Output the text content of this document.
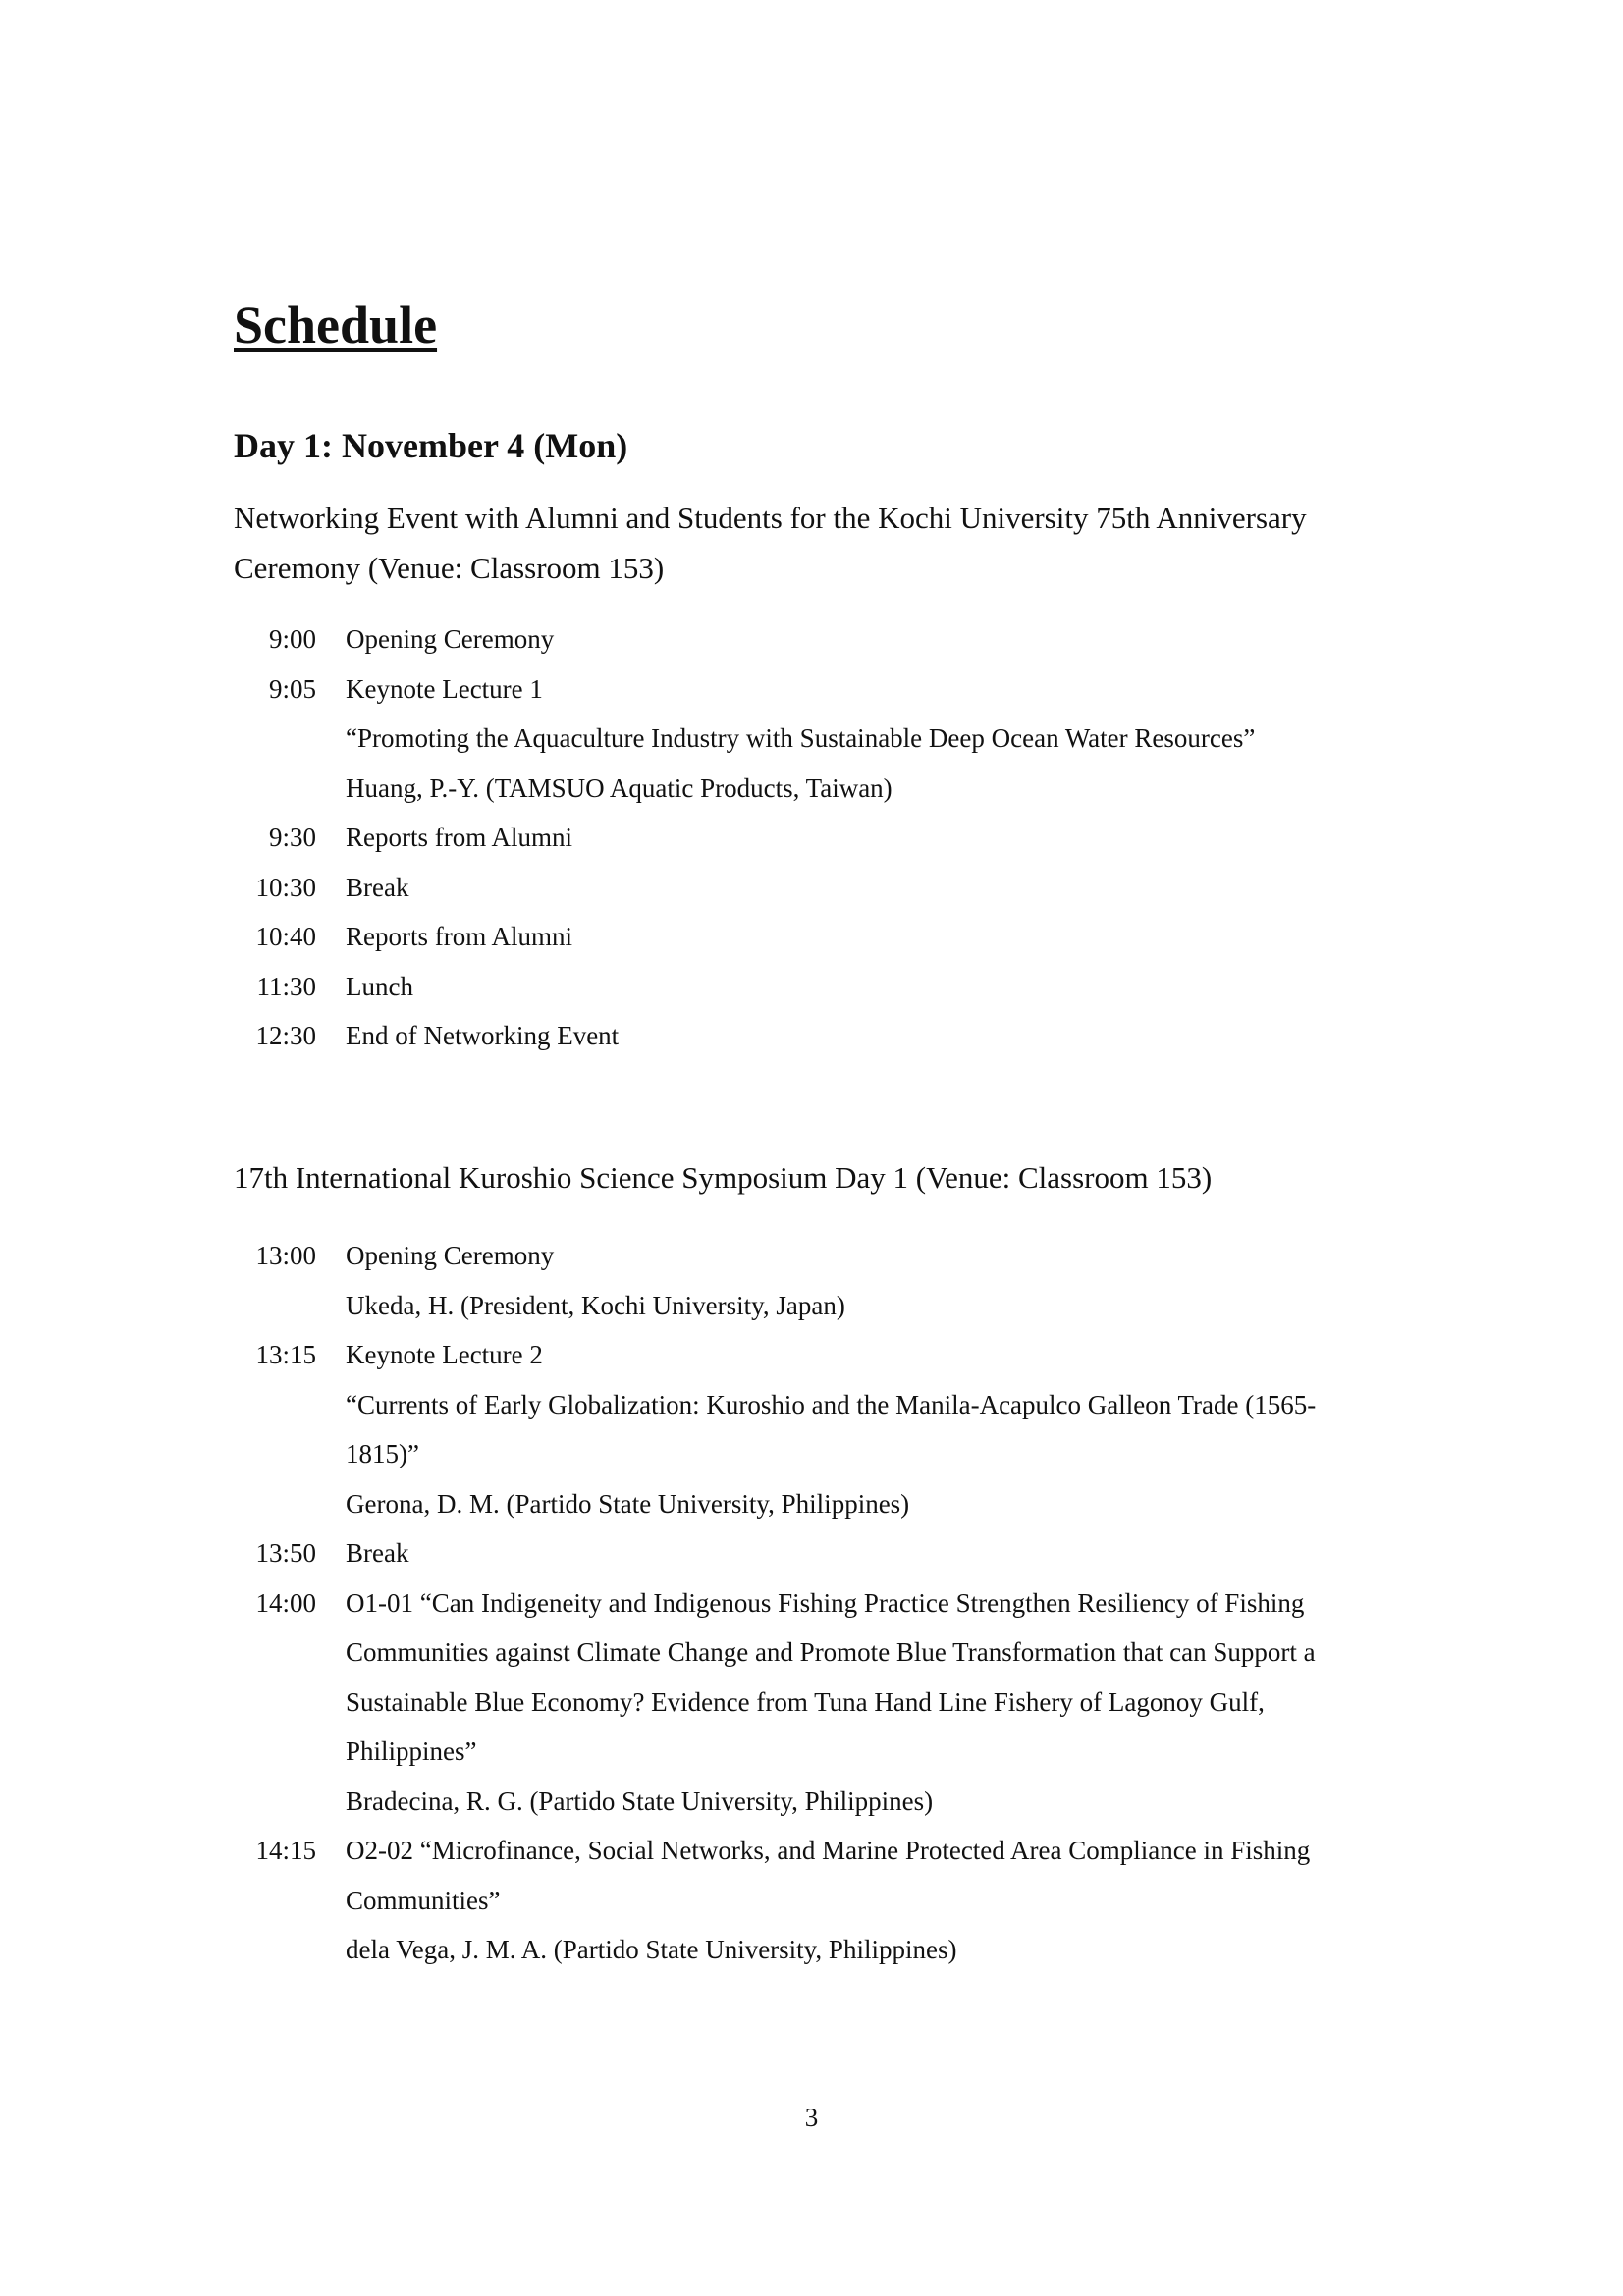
Schedule
Day 1: November 4 (Mon)
Networking Event with Alumni and Students for the Kochi University 75th Anniversary
Ceremony (Venue: Classroom 153)
9:00 Opening Ceremony
9:05 Keynote Lecture 1
“Promoting the Aquaculture Industry with Sustainable Deep Ocean Water Resources”
Huang, P.-Y. (TAMSUO Aquatic Products, Taiwan)
9:30 Reports from Alumni
10:30 Break
10:40 Reports from Alumni
11:30 Lunch
12:30 End of Networking Event
17th International Kuroshio Science Symposium Day 1 (Venue: Classroom 153)
13:00 Opening Ceremony
Ukeda, H. (President, Kochi University, Japan)
13:15 Keynote Lecture 2
“Currents of Early Globalization: Kuroshio and the Manila-Acapulco Galleon Trade (1565-
1815)”
Gerona, D. M. (Partido State University, Philippines)
13:50 Break
14:00 O1-01 “Can Indigeneity and Indigenous Fishing Practice Strengthen Resiliency of Fishing
Communities against Climate Change and Promote Blue Transformation that can Support a
Sustainable Blue Economy? Evidence from Tuna Hand Line Fishery of Lagonoy Gulf,
Philippines”
Bradecina, R. G. (Partido State University, Philippines)
14:15 O2-02 “Microfinance, Social Networks, and Marine Protected Area Compliance in Fishing
Communities”
dela Vega, J. M. A. (Partido State University, Philippines)
3
